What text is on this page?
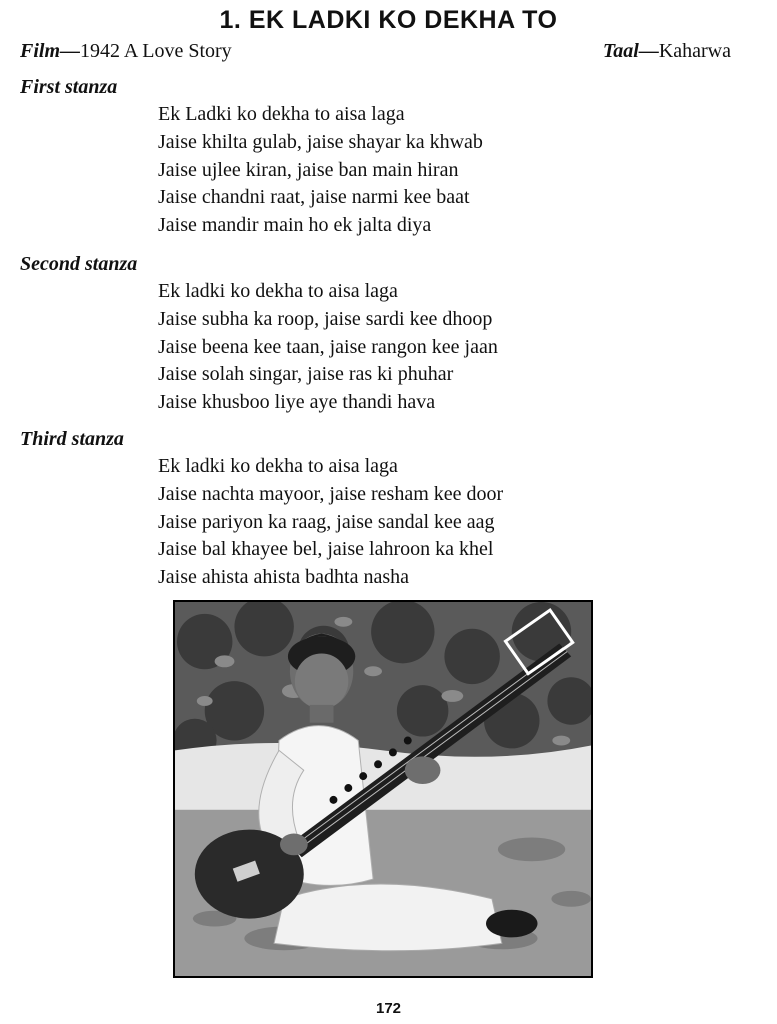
1. EK LADKI KO DEKHA TO
Film—1942 A Love Story	Taal—Kaharwa
First stanza
Ek Ladki ko dekha to aisa laga
Jaise khilta gulab, jaise shayar ka khwab
Jaise ujlee kiran, jaise ban main hiran
Jaise chandni raat, jaise narmi kee baat
Jaise mandir main ho ek jalta diya
Second stanza
Ek ladki ko dekha to aisa laga
Jaise subha ka roop, jaise sardi kee dhoop
Jaise beena kee taan, jaise rangon kee jaan
Jaise solah singar, jaise ras ki phuhar
Jaise khusboo liye aye thandi hava
Third stanza
Ek ladki ko dekha to aisa laga
Jaise nachta mayoor, jaise resham kee door
Jaise pariyon ka raag, jaise sandal kee aag
Jaise bal khayee bel, jaise lahroon ka khel
Jaise ahista ahista badhta nasha
172
